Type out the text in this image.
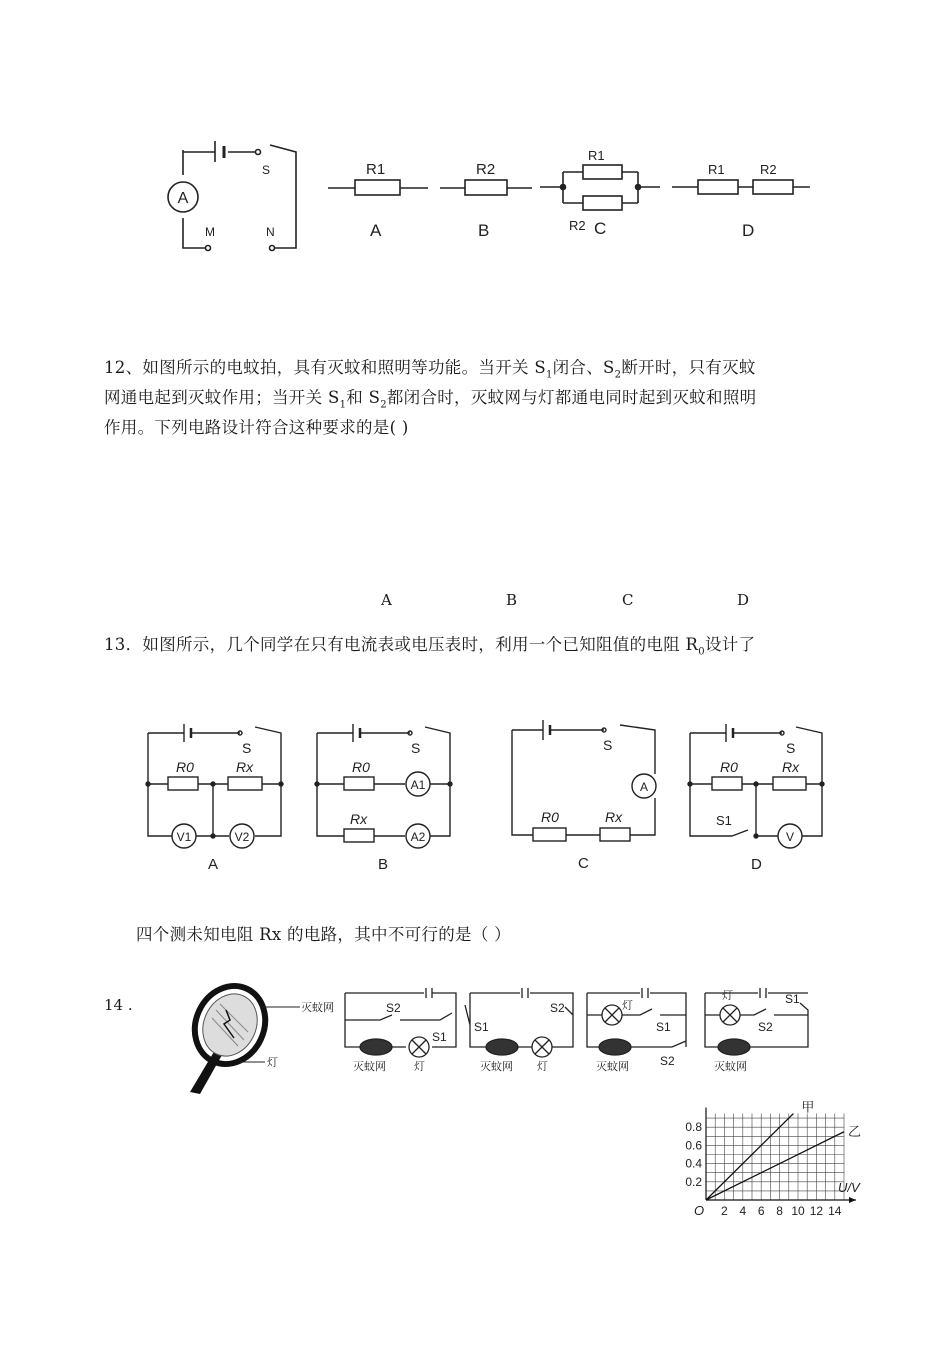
A
S
M	N
R1	R2
R1
R2
R1	R2
A	B	C	D
12、如图所示的电蚊拍，具有灭蚊和照明等功能。当开关 $S_1$闭合、$S_2$断开时，只有灭蚊
网通电起到灭蚊作用；当开关 $S_1$和 $S_2$都闭合时，灭蚊网与灯都通电同时起到灭蚊和照明
作用。下列电路设计符合这种要求的是( )
A	B	C	D
13．如图所示，几个同学在只有电流表或电压表时，利用一个已知阻值的电阻 $R_0$设计了
S
R0	Rx
V1	V2
A
S
R0
Rx
A1
A2
B
S
R0	Rx
A
C
S
R0	Rx
S1
V
D
四个测未知电阻 Rx 的电路，其中不可行的是（ ）
14 .	灭蚊网
灯
S2
S1
灭蚊网	灯
S1
S2
灭蚊网 灯
灯
S1
S2
灭蚊网
灯	S1
S2
灭蚊网
甲
乙
2 4 6 8 10 12 14
0.2
0.4
0.6
0.8
O
U/V
